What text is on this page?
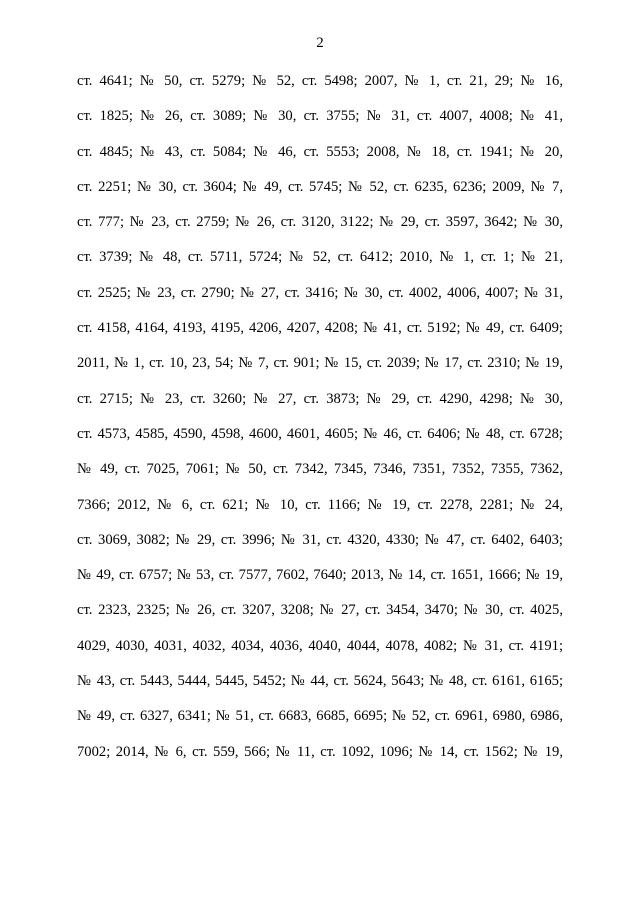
2
ст. 4641; № 50, ст. 5279; № 52, ст. 5498; 2007, № 1, ст. 21, 29; № 16,
ст. 1825; № 26, ст. 3089; № 30, ст. 3755; № 31, ст. 4007, 4008; № 41,
ст. 4845; № 43, ст. 5084; № 46, ст. 5553; 2008, № 18, ст. 1941; № 20,
ст. 2251; № 30, ст. 3604; № 49, ст. 5745; № 52, ст. 6235, 6236; 2009, № 7,
ст. 777; № 23, ст. 2759; № 26, ст. 3120, 3122; № 29, ст. 3597, 3642; № 30,
ст. 3739; № 48, ст. 5711, 5724; № 52, ст. 6412; 2010, № 1, ст. 1; № 21,
ст. 2525; № 23, ст. 2790; № 27, ст. 3416; № 30, ст. 4002, 4006, 4007; № 31,
ст. 4158, 4164, 4193, 4195, 4206, 4207, 4208; № 41, ст. 5192; № 49, ст. 6409;
2011, № 1, ст. 10, 23, 54; № 7, ст. 901; № 15, ст. 2039; № 17, ст. 2310; № 19,
ст. 2715; № 23, ст. 3260; № 27, ст. 3873; № 29, ст. 4290, 4298; № 30,
ст. 4573, 4585, 4590, 4598, 4600, 4601, 4605; № 46, ст. 6406; № 48, ст. 6728;
№ 49, ст. 7025, 7061; № 50, ст. 7342, 7345, 7346, 7351, 7352, 7355, 7362,
7366; 2012, № 6, ст. 621; № 10, ст. 1166; № 19, ст. 2278, 2281; № 24,
ст. 3069, 3082; № 29, ст. 3996; № 31, ст. 4320, 4330; № 47, ст. 6402, 6403;
№ 49, ст. 6757; № 53, ст. 7577, 7602, 7640; 2013, № 14, ст. 1651, 1666; № 19,
ст. 2323, 2325; № 26, ст. 3207, 3208; № 27, ст. 3454, 3470; № 30, ст. 4025,
4029, 4030, 4031, 4032, 4034, 4036, 4040, 4044, 4078, 4082; № 31, ст. 4191;
№ 43, ст. 5443, 5444, 5445, 5452; № 44, ст. 5624, 5643; № 48, ст. 6161, 6165;
№ 49, ст. 6327, 6341; № 51, ст. 6683, 6685, 6695; № 52, ст. 6961, 6980, 6986,
7002; 2014, № 6, ст. 559, 566; № 11, ст. 1092, 1096; № 14, ст. 1562; № 19,
